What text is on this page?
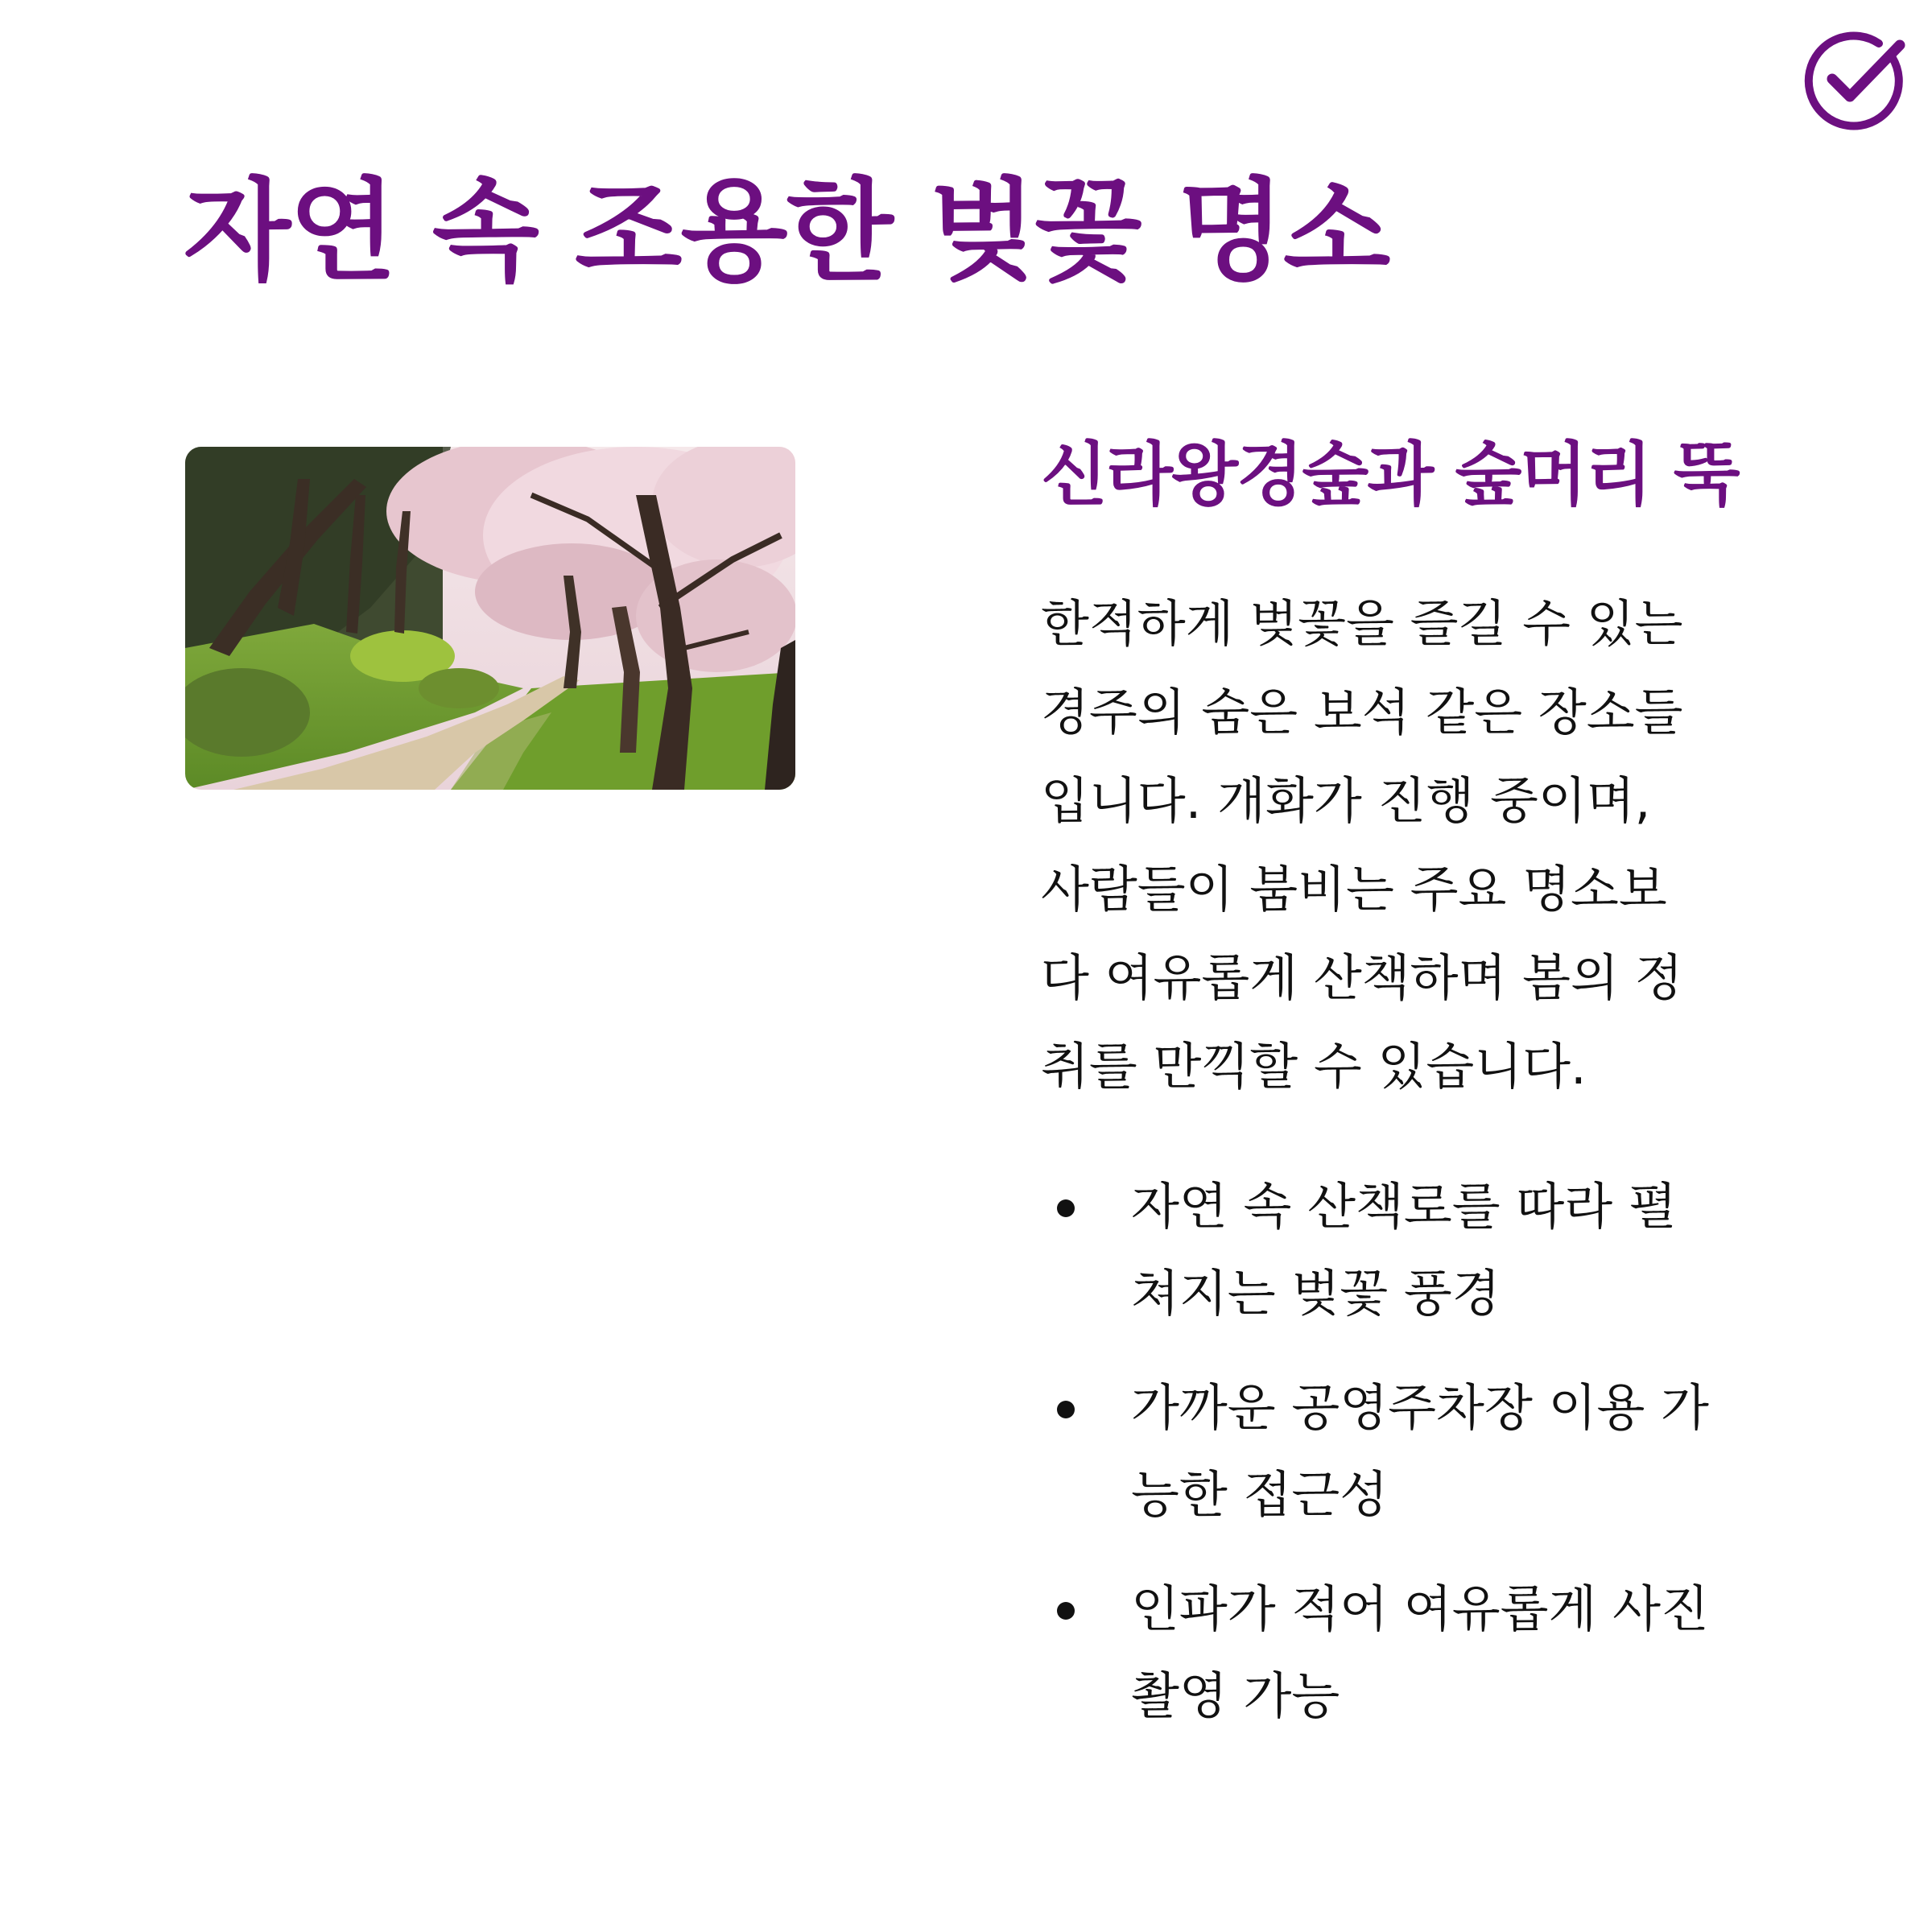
자연 속 조용한 벚꽃 명소
신라왕경숲과 숲머리 뚝

한적하게 벚꽃을 즐길 수 있는
경주의 숨은 보석 같은 장소들
입니다. 개화가 진행 중이며,
사람들이 붐비는 주요 명소보
다 여유롭게 산책하며 봄의 정
취를 만끽할 수 있습니다.

자연 속 산책로를 따라 펼
쳐지는 벚꽃 풍경
가까운 공영주차장 이용 가
능한 접근성
인파가 적어 여유롭게 사진
촬영 가능
